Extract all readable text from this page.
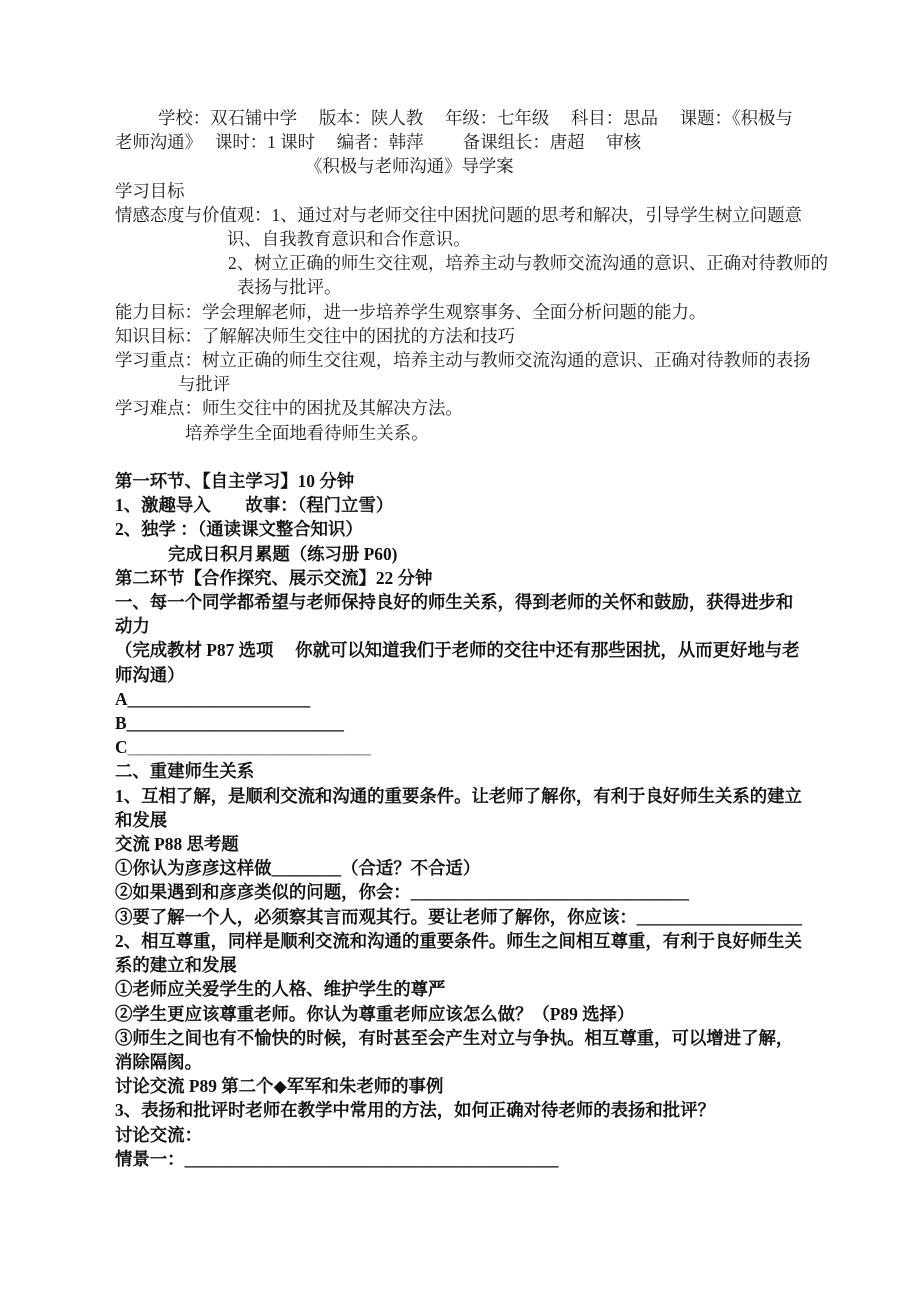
学校：双石铺中学　 版本：陕人教　 年级：七年级　 科目：思品　 课题：《积极与
老师沟通》　 课时：1 课时　 编者：韩萍　　 备课组长：唐超　 审核
《积极与老师沟通》导学案
学习目标
情感态度与价值观：1、通过对与老师交往中困扰问题的思考和解决，引导学生树立问题意
识、自我教育意识和合作意识。
2、树立正确的师生交往观，培养主动与教师交流沟通的意识、正确对待教师的
表扬与批评。
能力目标：学会理解老师，进一步培养学生观察事务、全面分析问题的能力。
知识目标：了解解决师生交往中的困扰的方法和技巧
学习重点：树立正确的师生交往观，培养主动与教师交流沟通的意识、正确对待教师的表扬
与批评
学习难点：师生交往中的困扰及其解决方法。
培养学生全面地看待师生关系。
第一环节、【自主学习】10 分钟
1、激趣导入　　故事：（程门立雪）
2、独学 ：（通读课文整合知识）
完成日积月累题（练习册 P60)
第二环节【合作探究、展示交流】22 分钟
一、每一个同学都希望与老师保持良好的师生关系，得到老师的关怀和鼓励，获得进步和
动力
（完成教材 P87 选项　 你就可以知道我们于老师的交往中还有那些困扰，从而更好地与老
师沟通）
A_____________________
B_________________________
C____________________________
二、重建师生关系
1、互相了解，是顺利交流和沟通的重要条件。让老师了解你，有利于良好师生关系的建立
和发展
交流 P88 思考题
①你认为彦彦这样做________（合适？不合适）
②如果遇到和彦彦类似的问题，你会：________________________________
③要了解一个人，必须察其言而观其行。要让老师了解你，你应该：___________________
2、相互尊重，同样是顺利交流和沟通的重要条件。师生之间相互尊重，有利于良好师生关
系的建立和发展
①老师应关爱学生的人格、维护学生的尊严
②学生更应该尊重老师。你认为尊重老师应该怎么做？（P89 选择）
③师生之间也有不愉快的时候，有时甚至会产生对立与争执。相互尊重，可以增进了解，
消除隔阂。
讨论交流 P89 第二个◆军军和朱老师的事例
3、表扬和批评时老师在教学中常用的方法，如何正确对待老师的表扬和批评？
讨论交流：
情景一：___________________________________________
